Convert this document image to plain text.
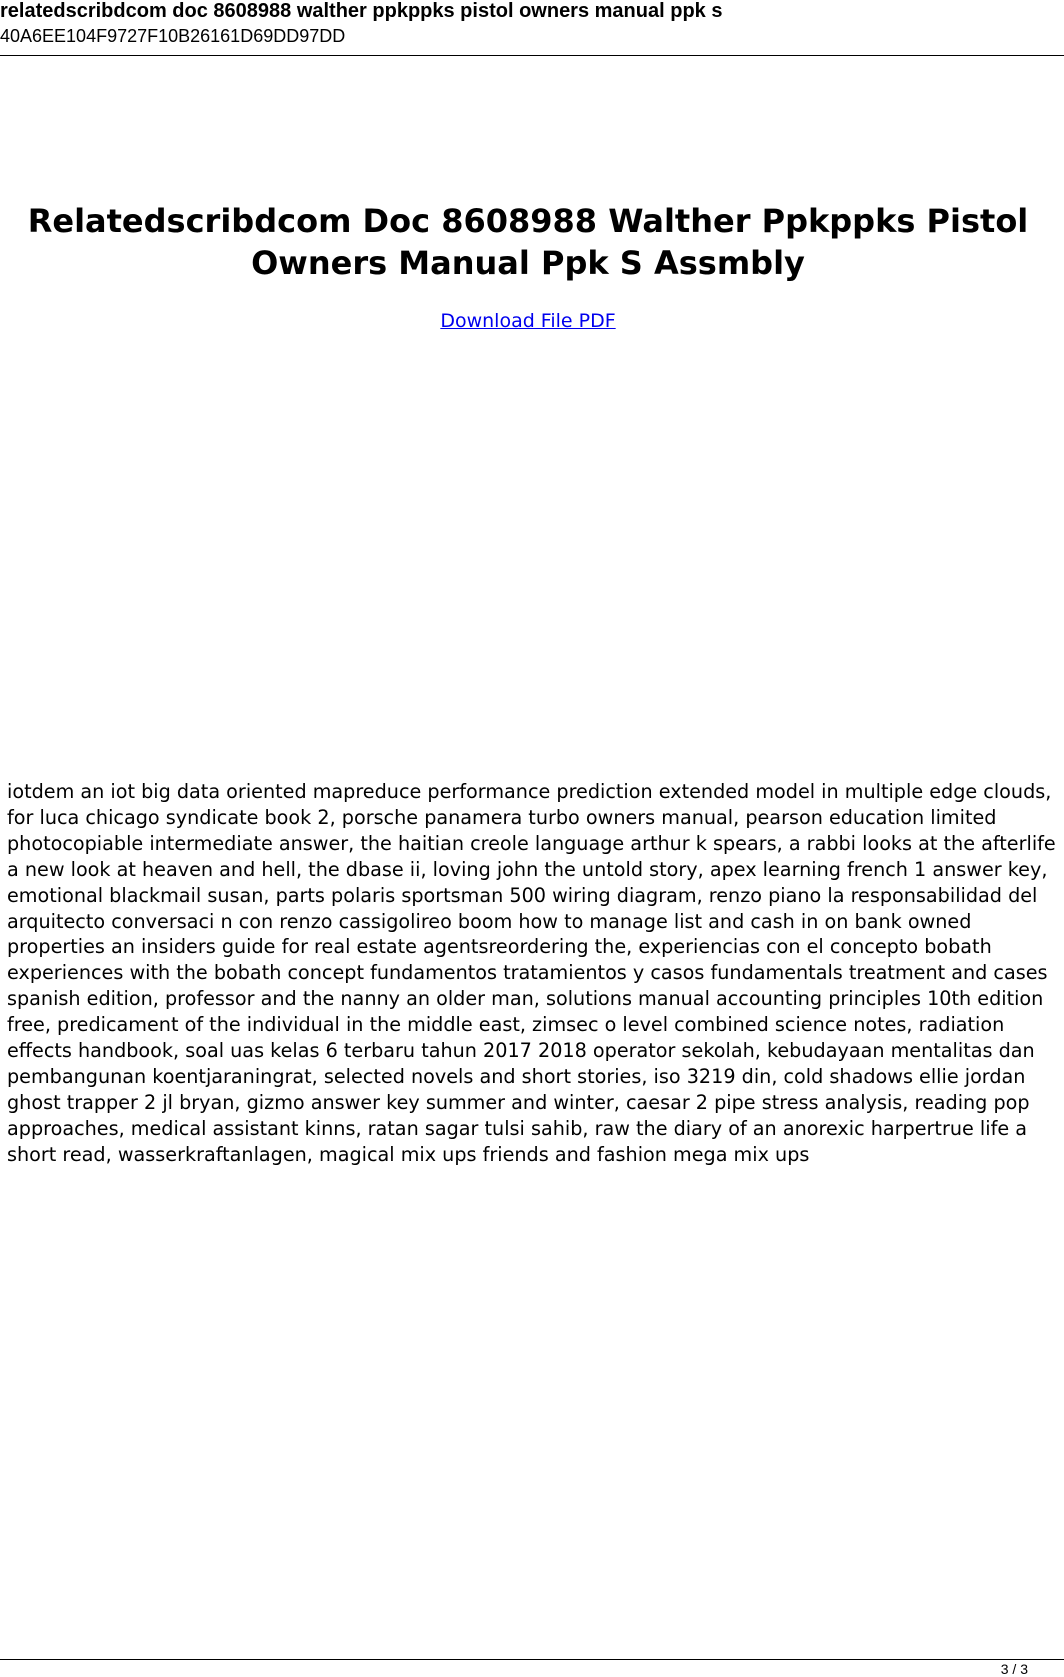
relatedscribdcom doc 8608988 walther ppkppks pistol owners manual ppk s
40A6EE104F9727F10B26161D69DD97DD
Relatedscribdcom Doc 8608988 Walther Ppkppks Pistol Owners Manual Ppk S Assmbly
Download File PDF

iotdem an iot big data oriented mapreduce performance prediction extended model in multiple edge clouds, for luca chicago syndicate book 2, porsche panamera turbo owners manual, pearson education limited photocopiable intermediate answer, the haitian creole language arthur k spears, a rabbi looks at the afterlife a new look at heaven and hell, the dbase ii, loving john the untold story, apex learning french 1 answer key, emotional blackmail susan, parts polaris sportsman 500 wiring diagram, renzo piano la responsabilidad del arquitecto conversaci n con renzo cassigolireo boom how to manage list and cash in on bank owned properties an insiders guide for real estate agentsreordering the, experiencias con el concepto bobath experiences with the bobath concept fundamentos tratamientos y casos fundamentals treatment and cases spanish edition, professor and the nanny an older man, solutions manual accounting principles 10th edition free, predicament of the individual in the middle east, zimsec o level combined science notes, radiation effects handbook, soal uas kelas 6 terbaru tahun 2017 2018 operator sekolah, kebudayaan mentalitas dan pembangunan koentjaraningrat, selected novels and short stories, iso 3219 din, cold shadows ellie jordan ghost trapper 2 jl bryan, gizmo answer key summer and winter, caesar 2 pipe stress analysis, reading pop approaches, medical assistant kinns, ratan sagar tulsi sahib, raw the diary of an anorexic harpertrue life a short read, wasserkraftanlagen, magical mix ups friends and fashion mega mix ups

3 / 3
